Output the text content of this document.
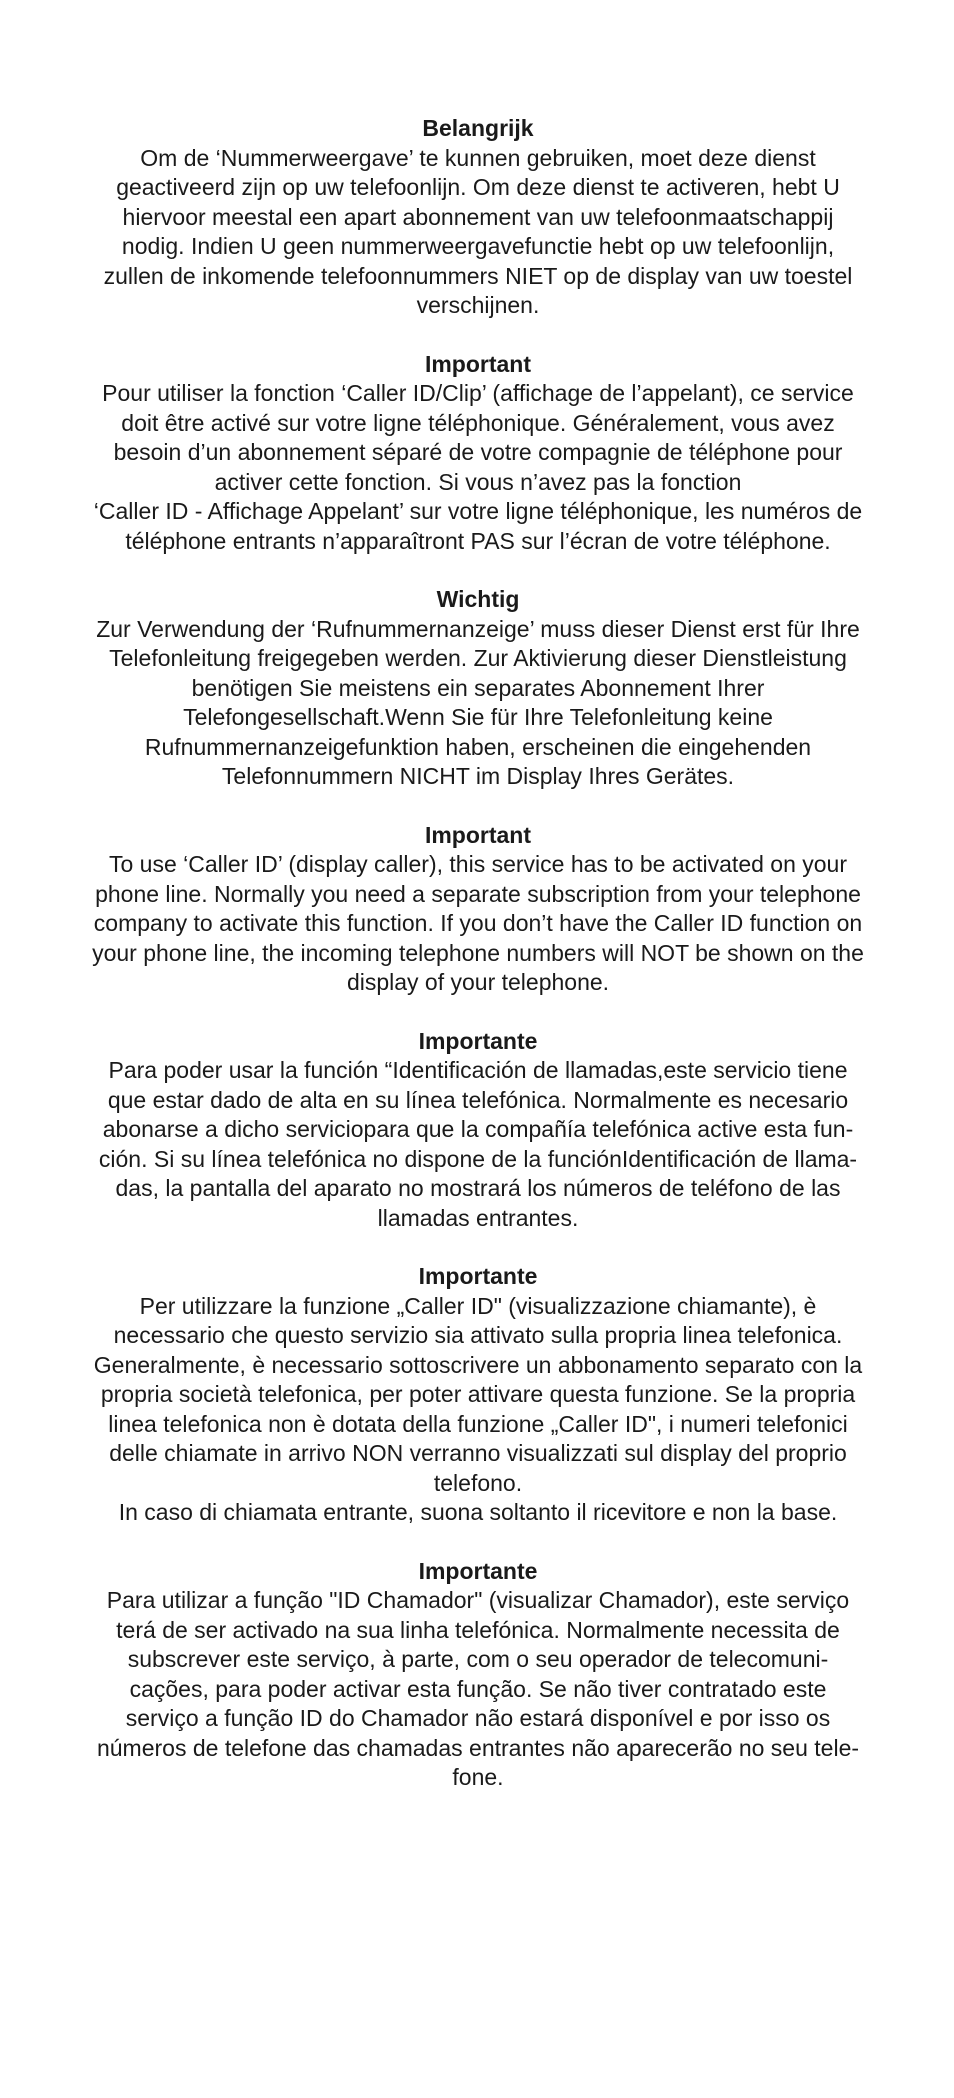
Belangrijk

Om de ‘Nummerweergave’ te kunnen gebruiken, moet deze dienst

geactiveerd zijn op uw telefoonlijn. Om deze dienst te activeren, hebt U

hiervoor meestal een apart abonnement van uw telefoonmaatschappij

nodig. Indien U geen nummerweergavefunctie hebt op uw telefoonlijn,

zullen de inkomende telefoonnummers NIET op de display van uw toestel

verschijnen.

Important

Pour utiliser la fonction ‘Caller ID/Clip’ (affichage de l’appelant), ce service

doit être activé sur votre ligne téléphonique. Généralement, vous avez

besoin d’un abonnement séparé de votre compagnie de téléphone pour

activer cette fonction. Si vous n’avez pas la fonction

‘Caller ID - Affichage Appelant’ sur votre ligne téléphonique, les numéros de

téléphone entrants n’apparaîtront PAS sur l’écran de votre téléphone.

Wichtig

Zur Verwendung der ‘Rufnummernanzeige’ muss dieser Dienst erst für Ihre

Telefonleitung freigegeben werden. Zur Aktivierung dieser Dienstleistung

benötigen Sie meistens ein separates Abonnement Ihrer

Telefongesellschaft.Wenn Sie für Ihre Telefonleitung keine

Rufnummernanzeigefunktion haben, erscheinen die eingehenden

Telefonnummern NICHT im Display Ihres Gerätes.

Important

To use ‘Caller ID’ (display caller), this service has to be activated on your

phone line. Normally you need a separate subscription from your telephone

company to activate this function. If you don’t have the Caller ID function on

your phone line, the incoming telephone numbers will NOT be shown on the

display of your telephone.

Importante

Para poder usar la función “Identificación de llamadas,este servicio tiene

que estar dado de alta en su línea telefónica. Normalmente es necesario

abonarse a dicho serviciopara que la compañía telefónica active esta fun-

ción. Si su línea telefónica no dispone de la funciónIdentificación de llama-

das, la pantalla del aparato no mostrará los números de teléfono de las

llamadas entrantes.

Importante

Per utilizzare la funzione „Caller ID" (visualizzazione chiamante), è

necessario che questo servizio sia attivato sulla propria linea telefonica.

Generalmente, è necessario sottoscrivere un abbonamento separato con la

propria società telefonica, per poter attivare questa funzione. Se la propria

linea telefonica non è dotata della funzione „Caller ID", i numeri telefonici

delle chiamate in arrivo NON verranno visualizzati sul display del proprio

telefono.

In caso di chiamata entrante, suona soltanto il ricevitore e non la base.

Importante

Para utilizar a função "ID Chamador" (visualizar Chamador), este serviço

terá de ser activado na sua linha telefónica. Normalmente necessita de

subscrever este serviço, à parte, com o seu operador de telecomuni-

cações, para poder activar esta função. Se não tiver contratado este

serviço a função ID do Chamador não estará disponível e por isso os

números de telefone das chamadas entrantes não aparecerão no seu tele-

fone.
